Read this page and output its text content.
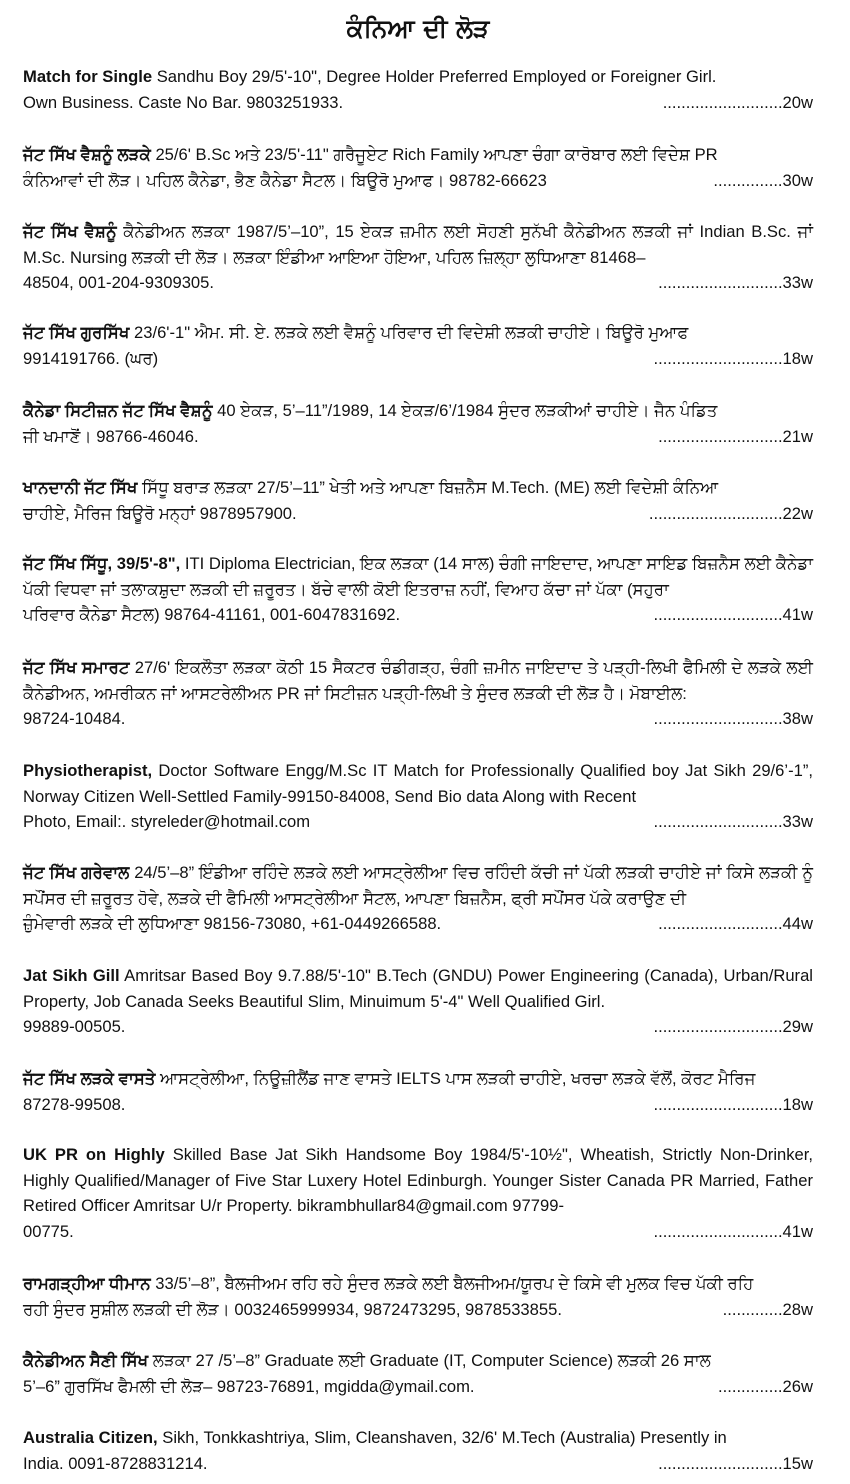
ਕੰਨਿਆ ਦੀ ਲੋੜ
Match for Single Sandhu Boy 29/5'-10", Degree Holder Preferred Employed or Foreigner Girl.
Own Business. Caste No Bar. 9803251933.	..........................20w
ਜੱਟ ਸਿੱਖ ਵੈਸ਼ਨੂੰ ਲੜਕੇ 25/6' B.Sc ਅਤੇ 23/5'-11" ਗਰੈਜੂਏਟ Rich Family ਆਪਣਾ ਚੰਗਾ ਕਾਰੋਬਾਰ ਲਈ ਵਿਦੇਸ਼ PR
ਕੰਨਿਆਵਾਂ ਦੀ ਲੋੜ। ਪਹਿਲ ਕੈਨੇਡਾ, ਭੈਣ ਕੈਨੇਡਾ ਸੈਟਲ। ਬਿਊਰੋ ਮੁਆਫ। 98782-66623	...............30w
ਜੱਟ ਸਿੱਖ ਵੈਸ਼ਨੂੰ ਕੈਨੇਡੀਅਨ ਲੜਕਾ 1987/5’–10”, 15 ਏਕੜ ਜ਼ਮੀਨ ਲਈ ਸੋਹਣੀ ਸੁਨੱਖੀ ਕੈਨੇਡੀਅਨ ਲੜਕੀ ਜਾਂ Indian B.Sc. ਜਾਂ M.Sc. Nursing ਲੜਕੀ ਦੀ ਲੋੜ। ਲੜਕਾ ਇੰਡੀਆ ਆਇਆ ਹੋਇਆ, ਪਹਿਲ ਜ਼ਿਲ੍ਹਾ ਲੁਧਿਆਣਾ 81468–
48504, 001-204-9309305.	...........................33w
ਜੱਟ ਸਿੱਖ ਗੁਰਸਿੱਖ 23/6'-1" ਐਮ. ਸੀ. ਏ. ਲੜਕੇ ਲਈ ਵੈਸ਼ਨੂੰ ਪਰਿਵਾਰ ਦੀ ਵਿਦੇਸ਼ੀ ਲੜਕੀ ਚਾਹੀਏ। ਬਿਊਰੋ ਮੁਆਫ
9914191766. (ਘਰ)	............................18w
ਕੈਨੇਡਾ ਸਿਟੀਜ਼ਨ ਜੱਟ ਸਿੱਖ ਵੈਸ਼ਨੂੰ 40 ਏਕੜ, 5’–11”/1989, 14 ਏਕੜ/6’/1984 ਸੁੰਦਰ ਲੜਕੀਆਂ ਚਾਹੀਏ। ਜੈਨ ਪੰਡਿਤ
ਜੀ ਖਮਾਣੋਂ। 98766-46046.	...........................21w
ਖਾਨਦਾਨੀ ਜੱਟ ਸਿੱਖ ਸਿੱਧੂ ਬਰਾੜ ਲੜਕਾ 27/5’–11” ਖੇਤੀ ਅਤੇ ਆਪਣਾ ਬਿਜ਼ਨੈਸ M.Tech. (ME) ਲਈ ਵਿਦੇਸ਼ੀ ਕੰਨਿਆ
ਚਾਹੀਏ, ਮੈਰਿਜ ਬਿਊਰੋ ਮਨ੍ਹਾਂ 9878957900.	.............................22w
ਜੱਟ ਸਿੱਖ ਸਿੱਧੂ, 39/5'-8", ITI Diploma Electrician, ਇਕ ਲੜਕਾ (14 ਸਾਲ) ਚੰਗੀ ਜਾਇਦਾਦ, ਆਪਣਾ ਸਾਇਡ ਬਿਜ਼ਨੈਸ ਲਈ ਕੈਨੇਡਾ ਪੱਕੀ ਵਿਧਵਾ ਜਾਂ ਤਲਾਕਸ਼ੁਦਾ ਲੜਕੀ ਦੀ ਜ਼ਰੂਰਤ। ਬੱਚੇ ਵਾਲੀ ਕੋਈ ਇਤਰਾਜ਼ ਨਹੀਂ, ਵਿਆਹ ਕੱਚਾ ਜਾਂ ਪੱਕਾ (ਸਹੁਰਾ
ਪਰਿਵਾਰ ਕੈਨੇਡਾ ਸੈਟਲ) 98764-41161, 001-6047831692.	............................41w
ਜੱਟ ਸਿੱਖ ਸਮਾਰਟ 27/6' ਇਕਲੌਤਾ ਲੜਕਾ ਕੋਠੀ 15 ਸੈਕਟਰ ਚੰਡੀਗੜ੍ਹ, ਚੰਗੀ ਜ਼ਮੀਨ ਜਾਇਦਾਦ ਤੇ ਪੜ੍ਹੀ-ਲਿਖੀ ਫੈਮਿਲੀ ਦੇ ਲੜਕੇ ਲਈ ਕੈਨੇਡੀਅਨ, ਅਮਰੀਕਨ ਜਾਂ ਆਸਟਰੇਲੀਅਨ PR ਜਾਂ ਸਿਟੀਜ਼ਨ ਪੜ੍ਹੀ-ਲਿਖੀ ਤੇ ਸੁੰਦਰ ਲੜਕੀ ਦੀ ਲੋੜ ਹੈ। ਮੋਬਾਈਲ:
98724-10484.	............................38w
Physiotherapist, Doctor Software Engg/M.Sc IT Match for Professionally Qualified boy Jat Sikh 29/6’-1”, Norway Citizen Well-Settled Family-99150-84008, Send Bio data Along with Recent
Photo, Email:. styreleder@hotmail.com	............................33w
ਜੱਟ ਸਿੱਖ ਗਰੇਵਾਲ 24/5’–8” ਇੰਡੀਆ ਰਹਿੰਦੇ ਲੜਕੇ ਲਈ ਆਸਟ੍ਰੇਲੀਆ ਵਿਚ ਰਹਿੰਦੀ ਕੱਚੀ ਜਾਂ ਪੱਕੀ ਲੜਕੀ ਚਾਹੀਏ ਜਾਂ ਕਿਸੇ ਲੜਕੀ ਨੂੰ ਸਪੌਂਸਰ ਦੀ ਜ਼ਰੂਰਤ ਹੋਵੇ, ਲੜਕੇ ਦੀ ਫੈਮਿਲੀ ਆਸਟ੍ਰੇਲੀਆ ਸੈਟਲ, ਆਪਣਾ ਬਿਜ਼ਨੈਸ, ਫ੍ਰੀ ਸਪੌਂਸਰ ਪੱਕੇ ਕਰਾਉਣ ਦੀ
ਜ਼ੁੰਮੇਵਾਰੀ ਲੜਕੇ ਦੀ ਲੁਧਿਆਣਾ 98156-73080, +61-0449266588.	...........................44w
Jat Sikh Gill Amritsar Based Boy 9.7.88/5'-10" B.Tech (GNDU) Power Engineering (Canada), Urban/Rural Property, Job Canada Seeks Beautiful Slim, Minuimum 5'-4" Well Qualified Girl.
99889-00505.	............................29w
ਜੱਟ ਸਿੱਖ ਲੜਕੇ ਵਾਸਤੇ ਆਸਟ੍ਰੇਲੀਆ, ਨਿਊਜ਼ੀਲੈਂਡ ਜਾਣ ਵਾਸਤੇ IELTS ਪਾਸ ਲੜਕੀ ਚਾਹੀਏ, ਖਰਚਾ ਲੜਕੇ ਵੱਲੋਂ, ਕੋਰਟ ਮੈਰਿਜ
87278-99508.	............................18w
UK PR on Highly Skilled Base Jat Sikh Handsome Boy 1984/5'-10½", Wheatish, Strictly Non-Drinker, Highly Qualified/Manager of Five Star Luxery Hotel Edinburgh. Younger Sister Canada PR Married, Father Retired Officer Amritsar U/r Property. bikrambhullar84@gmail.com 97799-
00775.	............................41w
ਰਾਮਗੜ੍ਹੀਆ ਧੀਮਾਨ 33/5’–8”, ਬੈਲਜੀਅਮ ਰਹਿ ਰਹੇ ਸੁੰਦਰ ਲੜਕੇ ਲਈ ਬੈਲਜੀਅਮ/ਯੂਰਪ ਦੇ ਕਿਸੇ ਵੀ ਮੁਲਕ ਵਿਚ ਪੱਕੀ ਰਹਿ
ਰਹੀ ਸੁੰਦਰ ਸੁਸ਼ੀਲ ਲੜਕੀ ਦੀ ਲੋੜ। 0032465999934, 9872473295, 9878533855.	.............28w
ਕੈਨੇਡੀਅਨ ਸੈਣੀ ਸਿੱਖ ਲੜਕਾ 27 /5’–8” Graduate ਲਈ Graduate (IT, Computer Science) ਲੜਕੀ 26 ਸਾਲ
5’–6” ਗੁਰਸਿੱਖ ਫੈਮਲੀ ਦੀ ਲੋੜ– 98723-76891, mgidda@ymail.com.	..............26w
Australia Citizen, Sikh, Tonkkashtriya, Slim, Cleanshaven, 32/6' M.Tech (Australia) Presently in
India. 0091-8728831214.	...........................15w
